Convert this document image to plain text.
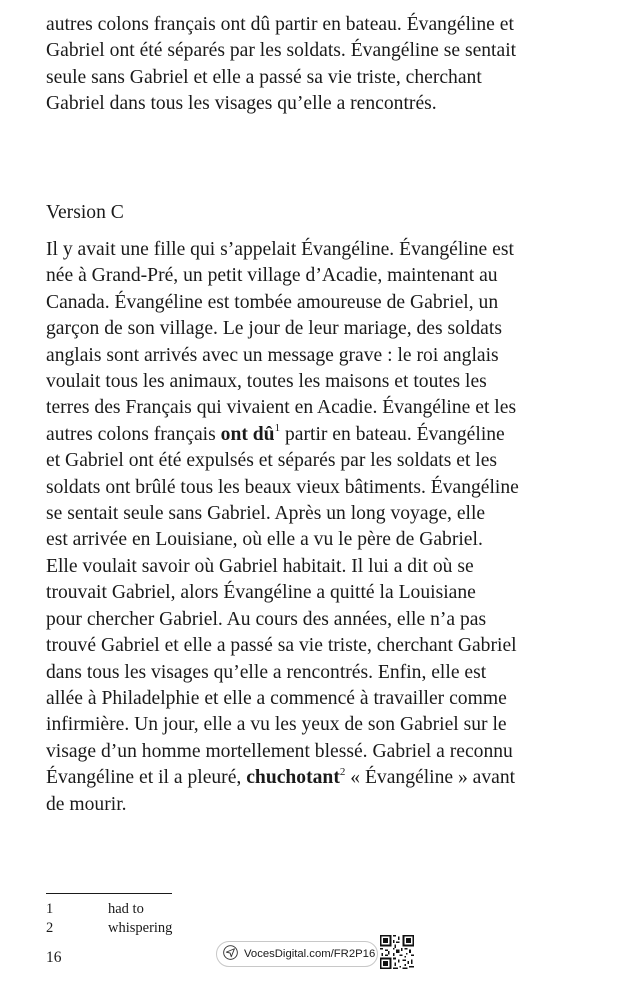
autres colons français ont dû partir en bateau. Évangéline et
Gabriel ont été séparés par les soldats. Évangéline se sentait
seule sans Gabriel et elle a passé sa vie triste, cherchant
Gabriel dans tous les visages qu’elle a rencontrés.
Version C
Il y avait une fille qui s’appelait Évangéline. Évangéline est
née à Grand-Pré, un petit village d’Acadie, maintenant au
Canada. Évangéline est tombée amoureuse de Gabriel, un
garçon de son village. Le jour de leur mariage, des soldats
anglais sont arrivés avec un message grave : le roi anglais
voulait tous les animaux, toutes les maisons et toutes les
terres des Français qui vivaient en Acadie. Évangéline et les
autres colons français ont $dû^1$ partir en bateau. Évangéline
et Gabriel ont été expulsés et séparés par les soldats et les
soldats ont brûlé tous les beaux vieux bâtiments. Évangéline
se sentait seule sans Gabriel. Après un long voyage, elle
est arrivée en Louisiane, où elle a vu le père de Gabriel.
Elle voulait savoir où Gabriel habitait. Il lui a dit où se
trouvait Gabriel, alors Évangéline a quitté la Louisiane
pour chercher Gabriel. Au cours des années, elle n’a pas
trouvé Gabriel et elle a passé sa vie triste, cherchant Gabriel
dans tous les visages qu’elle a rencontrés. Enfin, elle est
allée à Philadelphie et elle a commencé à travailler comme
infirmière. Un jour, elle a vu les yeux de son Gabriel sur le
visage d’un homme mortellement blessé. Gabriel a reconnu
Évangéline et il a pleuré, chuchotant$^2$ « Évangéline » avant
de mourir.
1	had to
2	whispering
16	VocesDigital.com/FR2P16
